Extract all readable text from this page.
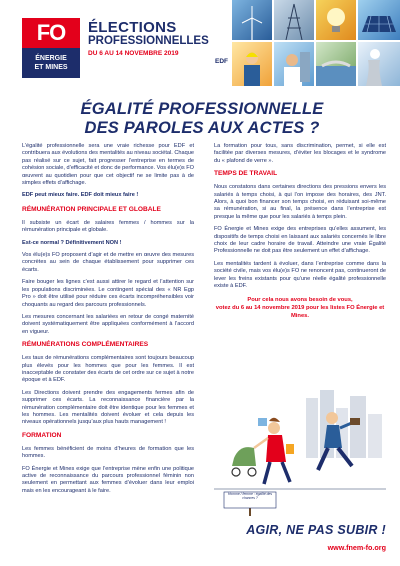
FO
ÉNERGIE
ET MINES
ÉLECTIONS
PROFESSIONNELLES
DU 6 AU 14 NOVEMBRE 2019
EDF
ÉGALITÉ PROFESSIONNELLE
DES PAROLES AUX ACTES ?

L’égalité professionnelle sera une vraie richesse pour EDF et contribuera aux évolutions des mentalités au niveau sociétal. Chaque pas réalisé sur ce sujet, fait progresser l’entreprise en termes de cohésion sociale, d’efficacité et donc de performance. Vos élu(e)s FO œuvrent au quotidien pour que cet objectif ne se limite pas à de simples effets d’affichage.

EDF peut mieux faire. EDF doit mieux faire !

RÉMUNÉRATION PRINCIPALE ET GLOBALE

Il subsiste un écart de salaires femmes / hommes sur la rémunération principale et globale.

Est-ce normal ? Définitivement NON !

Vos élu(e)s FO proposent d’agir et de mettre en œuvre des mesures concrètes au sein de chaque établissement pour supprimer ces écarts.

Faire bouger les lignes c’est aussi attirer le regard et l’attention sur les populations discriminées. Le contingent spécial des « NR Egp Pro » doit être utilisé pour réduire ces écarts incompréhensibles voir choquants au regard des parcours professionnels.

Les mesures concernant les salariées en retour de congé maternité doivent systématiquement être appliquées conformément à l’accord en vigueur.

RÉMUNÉRATIONS COMPLÉMENTAIRES

Les taux de rémunérations complémentaires sont toujours beaucoup plus élevés pour les hommes que pour les femmes. Il est inacceptable de constater des écarts de cet ordre sur ce sujet à notre époque et à EDF.

Les Directions doivent prendre des engagements fermes afin de supprimer ces écarts. La reconnaissance financière par la rémunération complémentaire doit être identique pour les femmes et les hommes. Les mentalités doivent évoluer et cela depuis les niveaux opérationnels jusqu’aux plus hauts management !

FORMATION

Les femmes bénéficient de moins d’heures de formation que les hommes.

FO Énergie et Mines exige que l’entreprise mène enfin une politique active de reconnaissance du parcours professionnel féminin non seulement en permettant aux femmes d’évoluer dans leur emploi mais en les encourageant à le faire.

La formation pour tous, sans discrimination, permet, si elle est facilitée par diverses mesures, d’éviter les blocages et le syndrome du « plafond de verre ».

TEMPS DE TRAVAIL

Nous constatons dans certaines directions des pressions envers les salariés à temps choisi, à qui l’on impose des horaires, des JNT. Alors, à quoi bon financer son temps choisi, en réduisant soi-même sa rémunération, si au final, la présence dans l’entreprise est presque la même que pour les salariés à temps plein.

FO Énergie et Mines exige des entreprises qu’elles assument, les dispositifs de temps choisi en laissant aux salariés concernés le libre choix de leur cadre horaire de travail. Atteindre une vraie Égalité Professionnelle ne doit pas être seulement un effet d’affichage.

Les mentalités tardent à évoluer, dans l’entreprise comme dans la société civile, mais vos élu(e)s FO ne renoncent pas, continueront de lever les freins existants pour qu’une réelle égalité professionnelle existe à EDF.

Pour cela nous avons besoin de vous,
votez du 6 au 14 novembre 2019 pour les listes FO Énergie et Mines.
Homme / femme : égalité des chances ?
AGIR, NE PAS SUBIR !
www.fnem-fo.org
